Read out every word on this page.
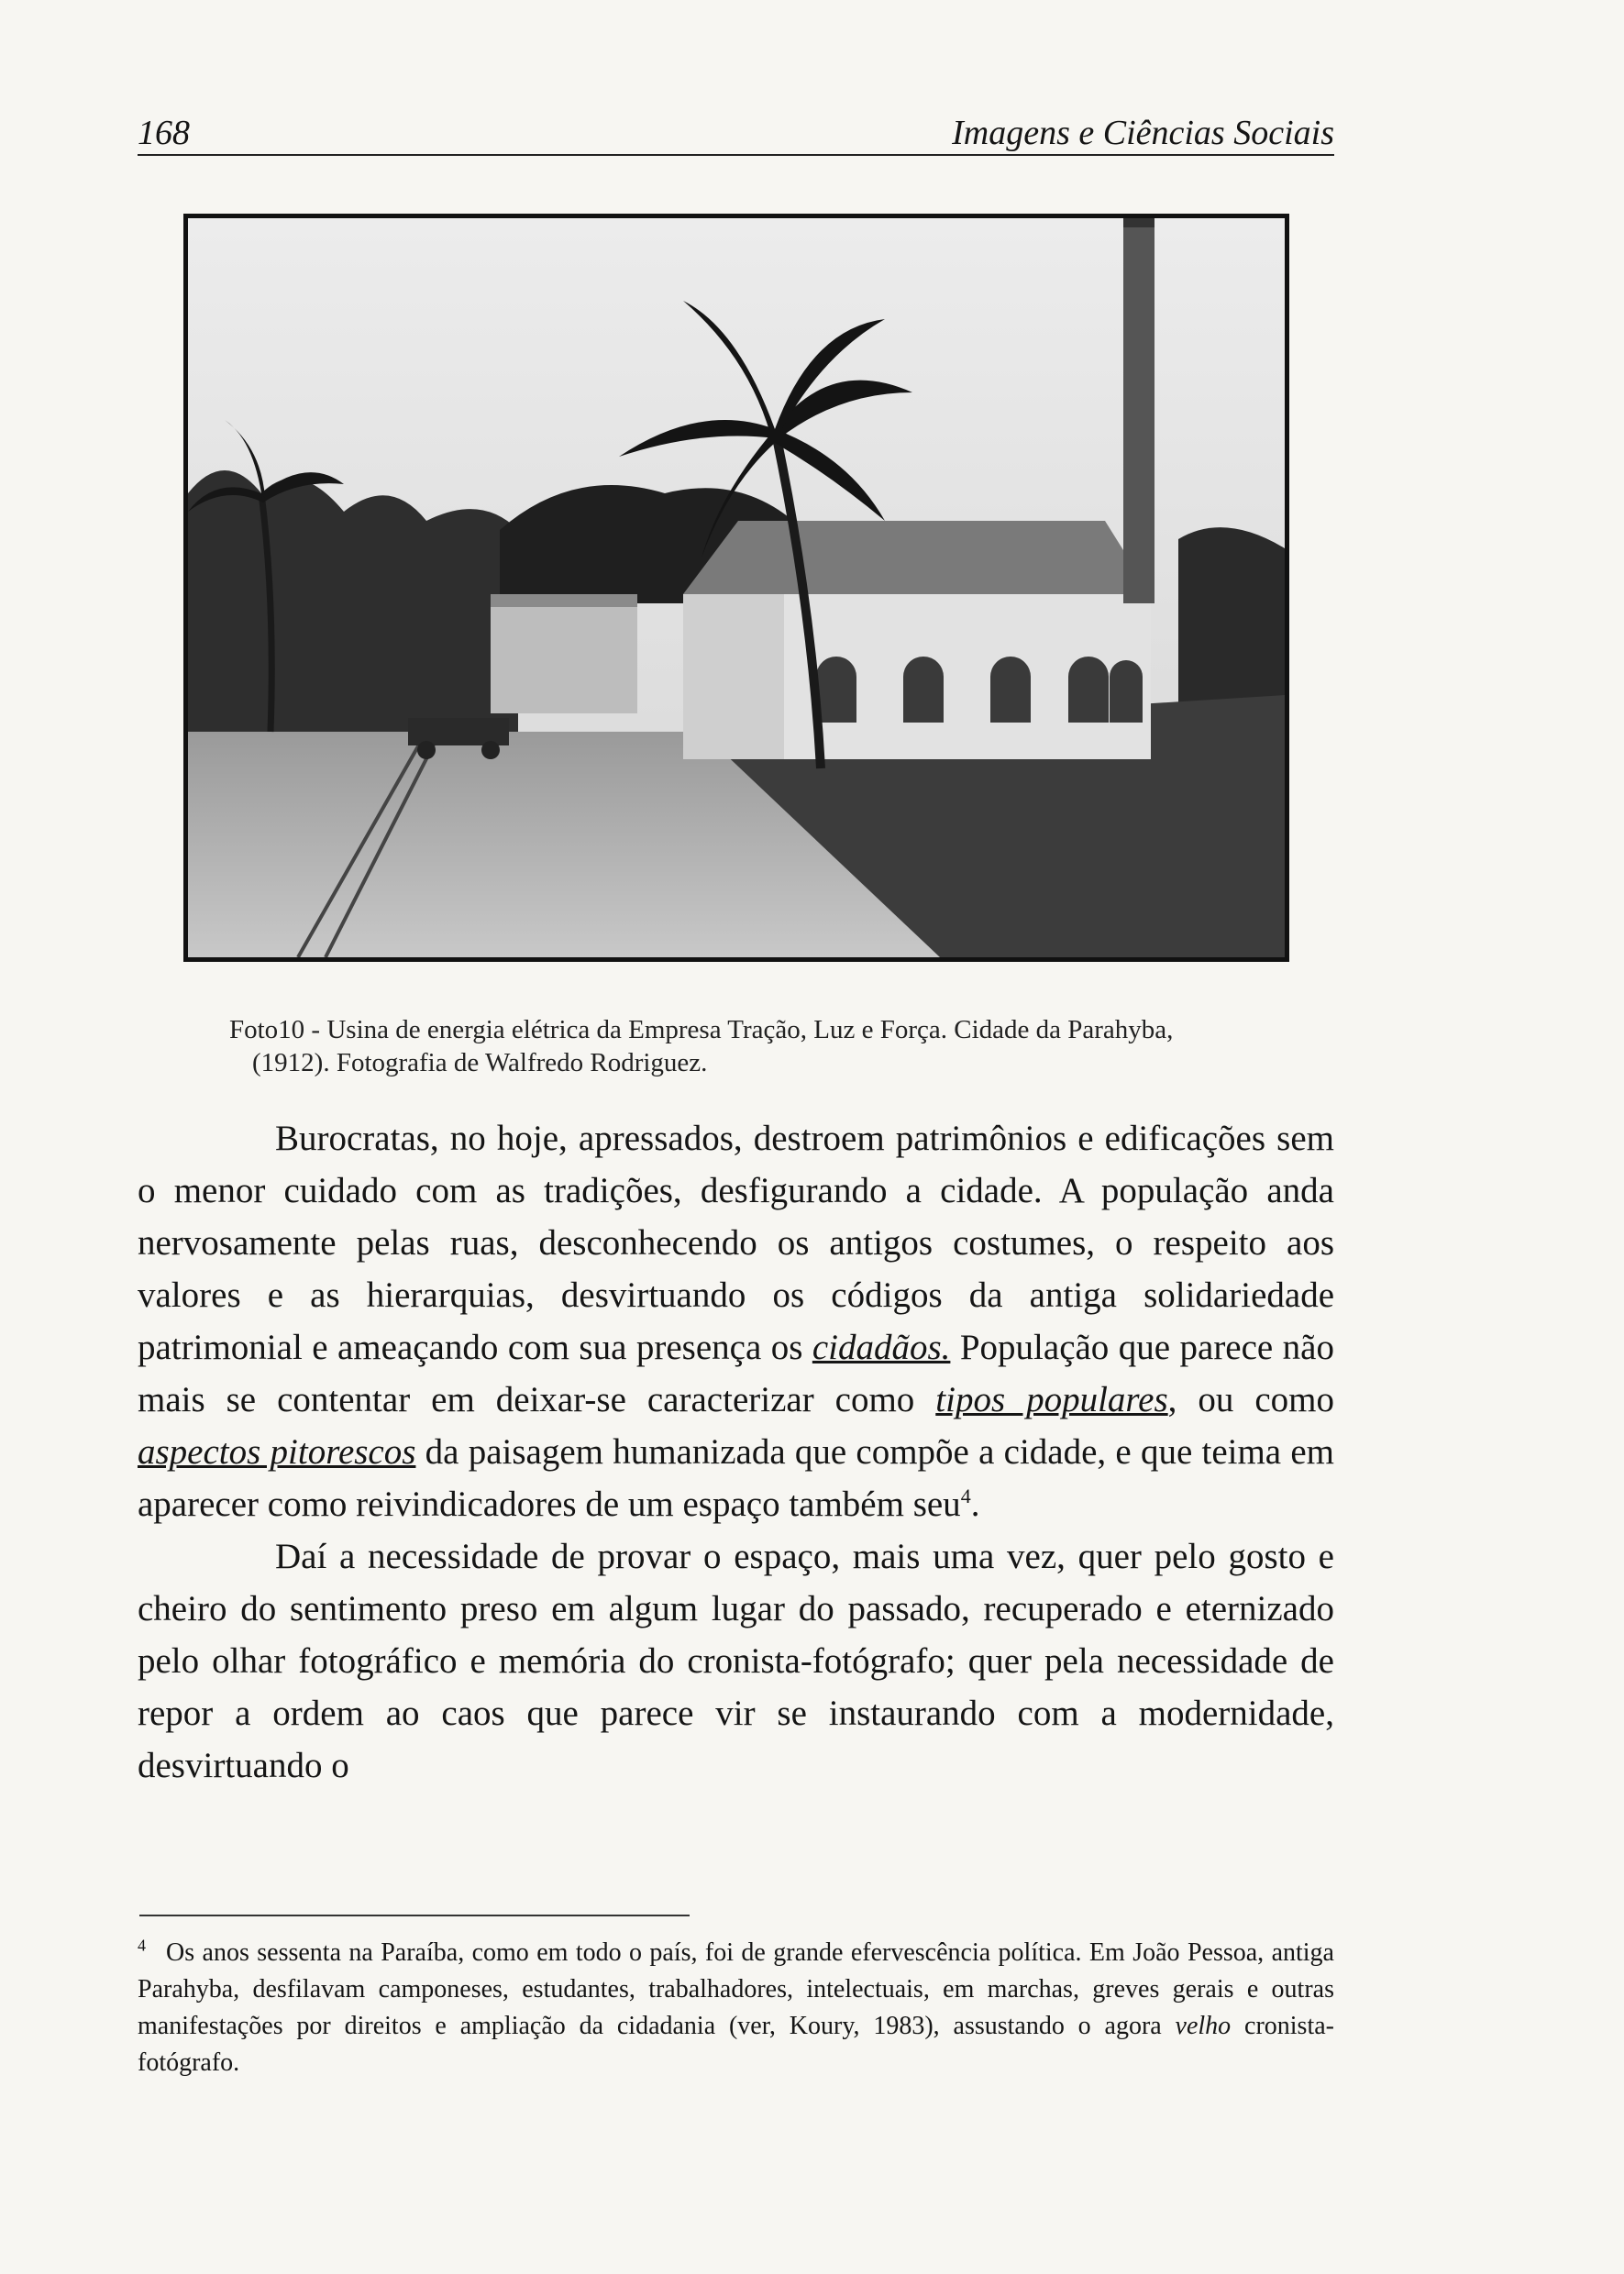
168	Imagens e Ciências Sociais
Foto10 - Usina de energia elétrica da Empresa Tração, Luz e Força. Cidade da Parahyba,
(1912). Fotografia de Walfredo Rodriguez.

Burocratas, no hoje, apressados, destroem patrimônios e edificações sem o menor cuidado com as tradições, desfigurando a cidade. A população anda nervosamente pelas ruas, desconhecendo os antigos costumes, o respeito aos valores e as hierarquias, desvirtuando os códigos da antiga solidariedade patrimonial e ameaçando com sua presença os cidadãos. População que parece não mais se contentar em deixar-se caracterizar como tipos populares, ou como aspectos pitorescos da paisagem humanizada que compõe a cidade, e que teima em aparecer como reivindicadores de um espaço também seu$^4$.

Daí a necessidade de provar o espaço, mais uma vez, quer pelo gosto e cheiro do sentimento preso em algum lugar do passado, recuperado e eternizado pelo olhar fotográfico e memória do cronista-fotógrafo; quer pela necessidade de repor a ordem ao caos que parece vir se instaurando com a modernidade, desvirtuando o

$^4$ Os anos sessenta na Paraíba, como em todo o país, foi de grande efervescência política. Em João Pessoa, antiga Parahyba, desfilavam camponeses, estudantes, trabalhadores, intelectuais, em marchas, greves gerais e outras manifestações por direitos e ampliação da cidadania (ver, Koury, 1983), assustando o agora velho cronista-fotógrafo.
